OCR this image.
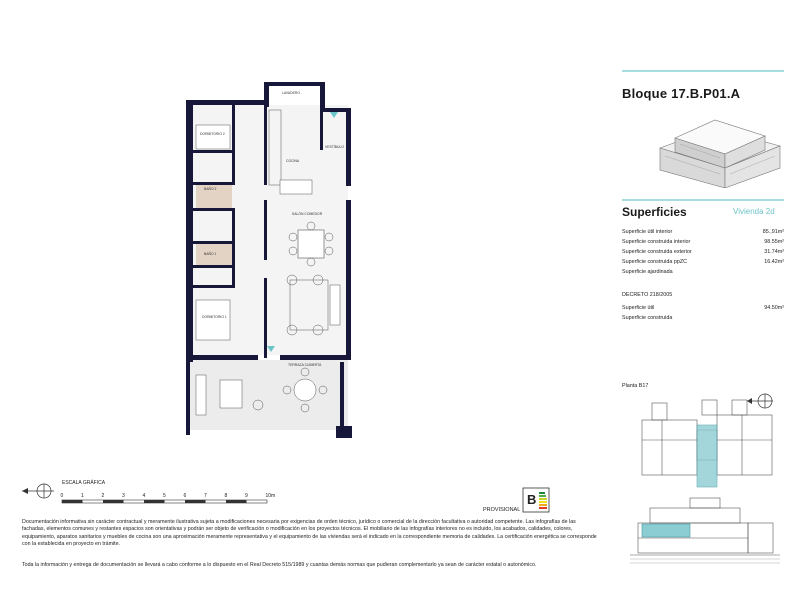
LAVADERO
DORMITORIO 2
VESTÍBULO
COCINA
BAÑO 2
SALÓN COMEDOR
BAÑO 1
DORMITORIO 1
TERRAZA CUBIERTA
Bloque 17.B.P01.A
Superficies	Vivienda 2d
Superficie útil interior	85.,91m²
Superficie construida interior	98.55m²
Superficie construida exterior	31.74m²
Superficie construida ppZC	16.42m²
Superficie ajardinada
DECRETO 218/2005
Superficie útil	94.50m²
Superficie construida
Planta B17
ESCALA GRÁFICA
0	1	2	3	4	5	6	7	8	9	10m
PROVISIONAL
B
Documentación informativa sin carácter contractual y meramente ilustrativa sujeta a modificaciones necesaria por exigencias de orden técnico, jurídico o comercial de la dirección facultativa o autoridad competente. Las infografías de las fachadas, elementos comunes y restantes espacios son orientativas y podrán ser objeto de verificación o modificación en los proyectos técnicos. El mobiliario de las infografías interiores no es incluido, los acabados, calidades, colores, equipamiento, aparatos sanitarios y muebles de cocina son una aproximación meramente representativa y el equipamiento de las viviendas será el indicado en la correspondiente memoria de calidades. La certificación energética se corresponde con la establecida en proyecto en trámite.
Toda la información y entrega de documentación se llevará a cabo conforme a lo dispuesto en el Real Decreto 515/1989 y cuantas demás normas que pudieran complementarlo ya sean de carácter estatal o autonómico.
